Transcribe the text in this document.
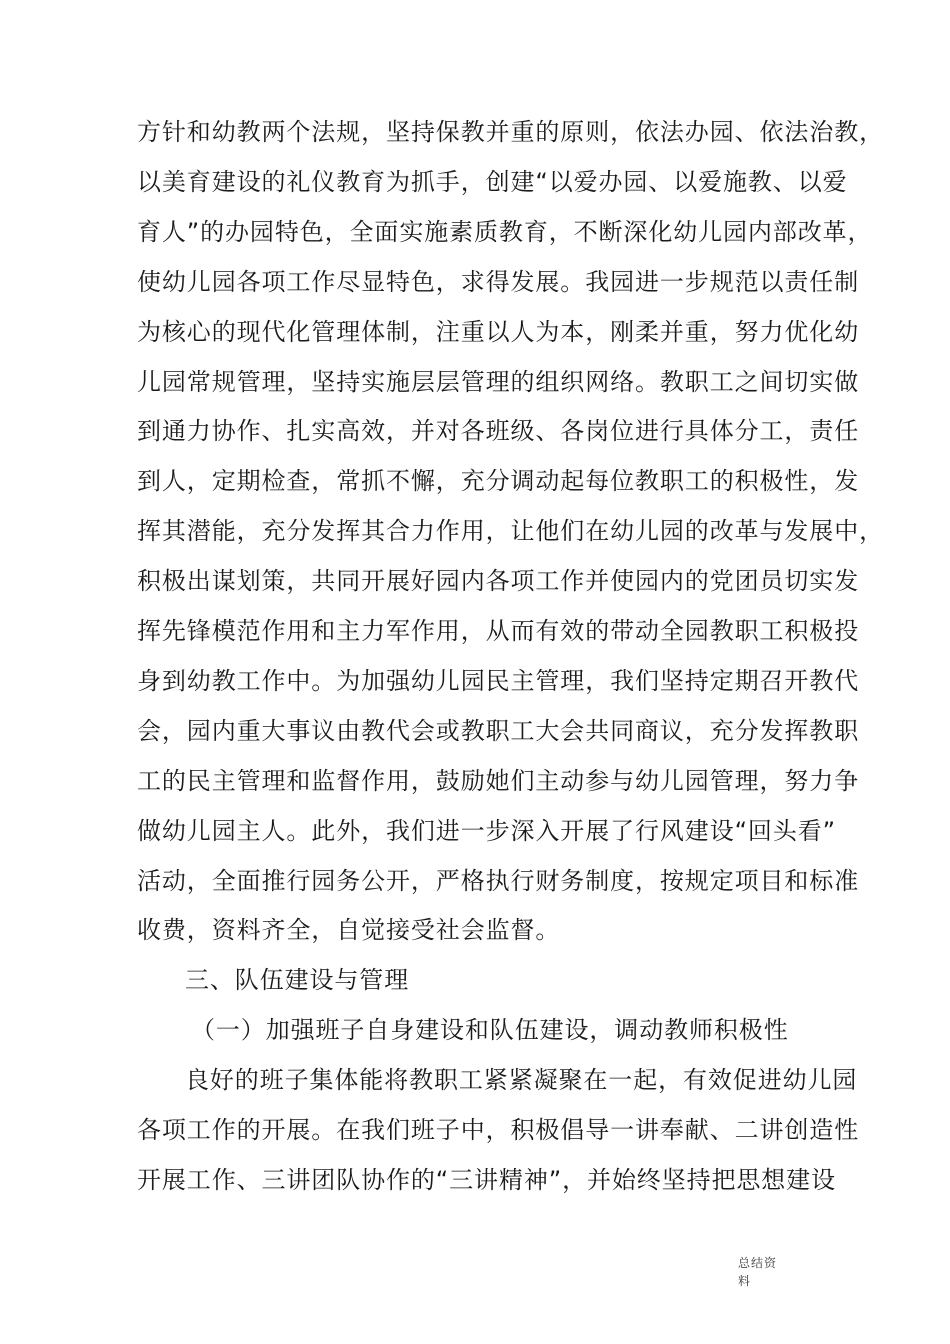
方针和幼教两个法规，坚持保教并重的原则，依法办园、依法治教，
以美育建设的礼仪教育为抓手，创建“以爱办园、以爱施教、以爱
育人”的办园特色，全面实施素质教育，不断深化幼儿园内部改革，
使幼儿园各项工作尽显特色，求得发展。我园进一步规范以责任制
为核心的现代化管理体制，注重以人为本，刚柔并重，努力优化幼
儿园常规管理，坚持实施层层管理的组织网络。教职工之间切实做
到通力协作、扎实高效，并对各班级、各岗位进行具体分工，责任
到人，定期检查，常抓不懈，充分调动起每位教职工的积极性，发
挥其潜能，充分发挥其合力作用，让他们在幼儿园的改革与发展中，
积极出谋划策，共同开展好园内各项工作并使园内的党团员切实发
挥先锋模范作用和主力军作用，从而有效的带动全园教职工积极投
身到幼教工作中。为加强幼儿园民主管理，我们坚持定期召开教代
会，园内重大事议由教代会或教职工大会共同商议，充分发挥教职
工的民主管理和监督作用，鼓励她们主动参与幼儿园管理，努力争
做幼儿园主人。此外，我们进一步深入开展了行风建设“回头看”
活动，全面推行园务公开，严格执行财务制度，按规定项目和标准
收费，资料齐全，自觉接受社会监督。
三、队伍建设与管理
（一）加强班子自身建设和队伍建设，调动教师积极性
良好的班子集体能将教职工紧紧凝聚在一起，有效促进幼儿园
各项工作的开展。在我们班子中，积极倡导一讲奉献、二讲创造性
开展工作、三讲团队协作的“三讲精神”，并始终坚持把思想建设
总结资料
